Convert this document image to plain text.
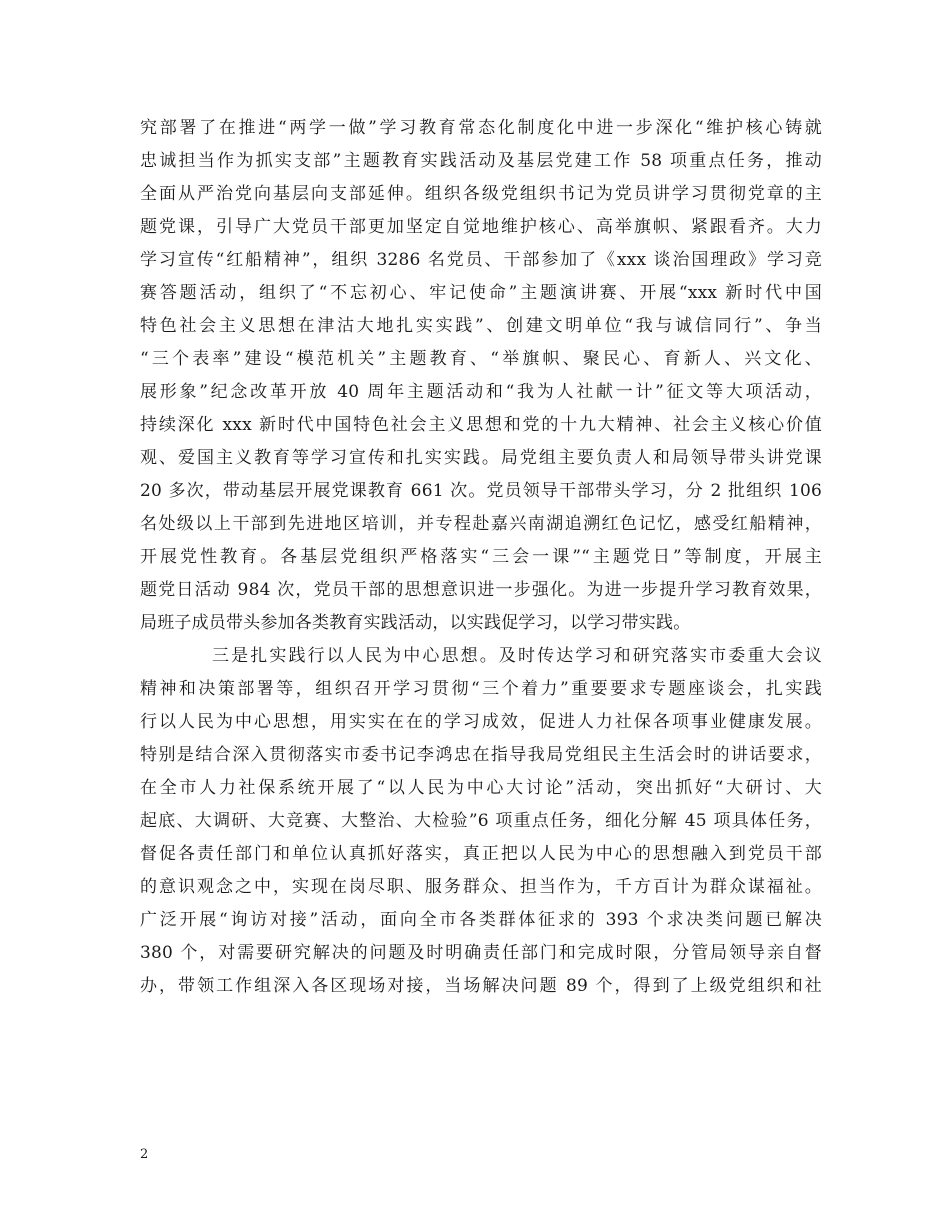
究部署了在推进“两学一做”学习教育常态化制度化中进一步深化“维护核心铸就
忠诚担当作为抓实支部”主题教育实践活动及基层党建工作 58 项重点任务，推动
全面从严治党向基层向支部延伸。组织各级党组织书记为党员讲学习贯彻党章的主
题党课，引导广大党员干部更加坚定自觉地维护核心、高举旗帜、紧跟看齐。大力
学习宣传“红船精神”，组织 3286 名党员、干部参加了《xxx 谈治国理政》学习竞
赛答题活动，组织了“不忘初心、牢记使命”主题演讲赛、开展“xxx 新时代中国
特色社会主义思想在津沽大地扎实实践”、创建文明单位“我与诚信同行”、争当
“三个表率”建设“模范机关”主题教育、“举旗帜、聚民心、育新人、兴文化、
展形象”纪念改革开放 40 周年主题活动和“我为人社献一计”征文等大项活动，
持续深化 xxx 新时代中国特色社会主义思想和党的十九大精神、社会主义核心价值
观、爱国主义教育等学习宣传和扎实实践。局党组主要负责人和局领导带头讲党课
20 多次，带动基层开展党课教育 661 次。党员领导干部带头学习，分 2 批组织 106
名处级以上干部到先进地区培训，并专程赴嘉兴南湖追溯红色记忆，感受红船精神，
开展党性教育。各基层党组织严格落实“三会一课”“主题党日”等制度，开展主
题党日活动 984 次，党员干部的思想意识进一步强化。为进一步提升学习教育效果，
局班子成员带头参加各类教育实践活动，以实践促学习，以学习带实践。
三是扎实践行以人民为中心思想。及时传达学习和研究落实市委重大会议
精神和决策部署等，组织召开学习贯彻“三个着力”重要要求专题座谈会，扎实践
行以人民为中心思想，用实实在在的学习成效，促进人力社保各项事业健康发展。
特别是结合深入贯彻落实市委书记李鸿忠在指导我局党组民主生活会时的讲话要求，
在全市人力社保系统开展了“以人民为中心大讨论”活动，突出抓好“大研讨、大
起底、大调研、大竞赛、大整治、大检验”6 项重点任务，细化分解 45 项具体任务，
督促各责任部门和单位认真抓好落实，真正把以人民为中心的思想融入到党员干部
的意识观念之中，实现在岗尽职、服务群众、担当作为，千方百计为群众谋福祉。
广泛开展“询访对接”活动，面向全市各类群体征求的 393 个求决类问题已解决
380 个，对需要研究解决的问题及时明确责任部门和完成时限，分管局领导亲自督
办，带领工作组深入各区现场对接，当场解决问题 89 个，得到了上级党组织和社
2
